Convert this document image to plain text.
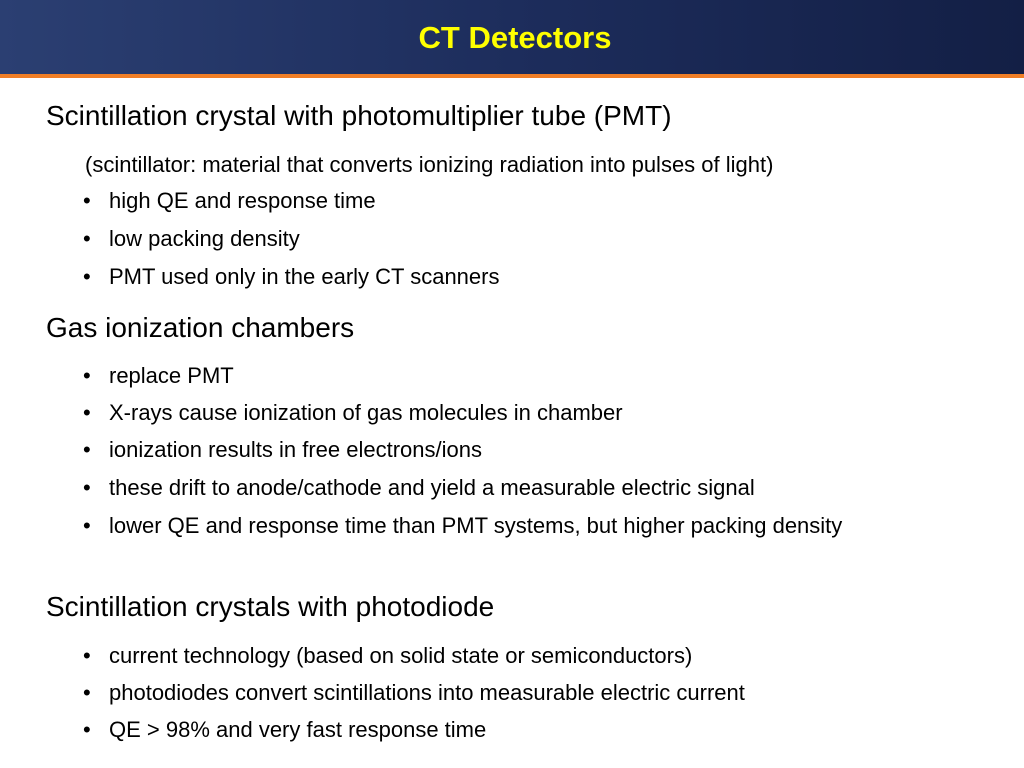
CT Detectors
Scintillation crystal with photomultiplier tube (PMT)
(scintillator: material that converts ionizing radiation into pulses of light)
• high QE and response time
• low packing density
• PMT used only in the early CT scanners
Gas ionization chambers
• replace PMT
• X-rays cause ionization of gas molecules in chamber
• ionization results in free electrons/ions
• these drift to anode/cathode and yield a measurable electric signal
• lower QE and response time than PMT systems, but higher packing density
Scintillation crystals with photodiode
• current technology (based on solid state or semiconductors)
• photodiodes convert scintillations into measurable electric current
• QE > 98% and very fast response time
